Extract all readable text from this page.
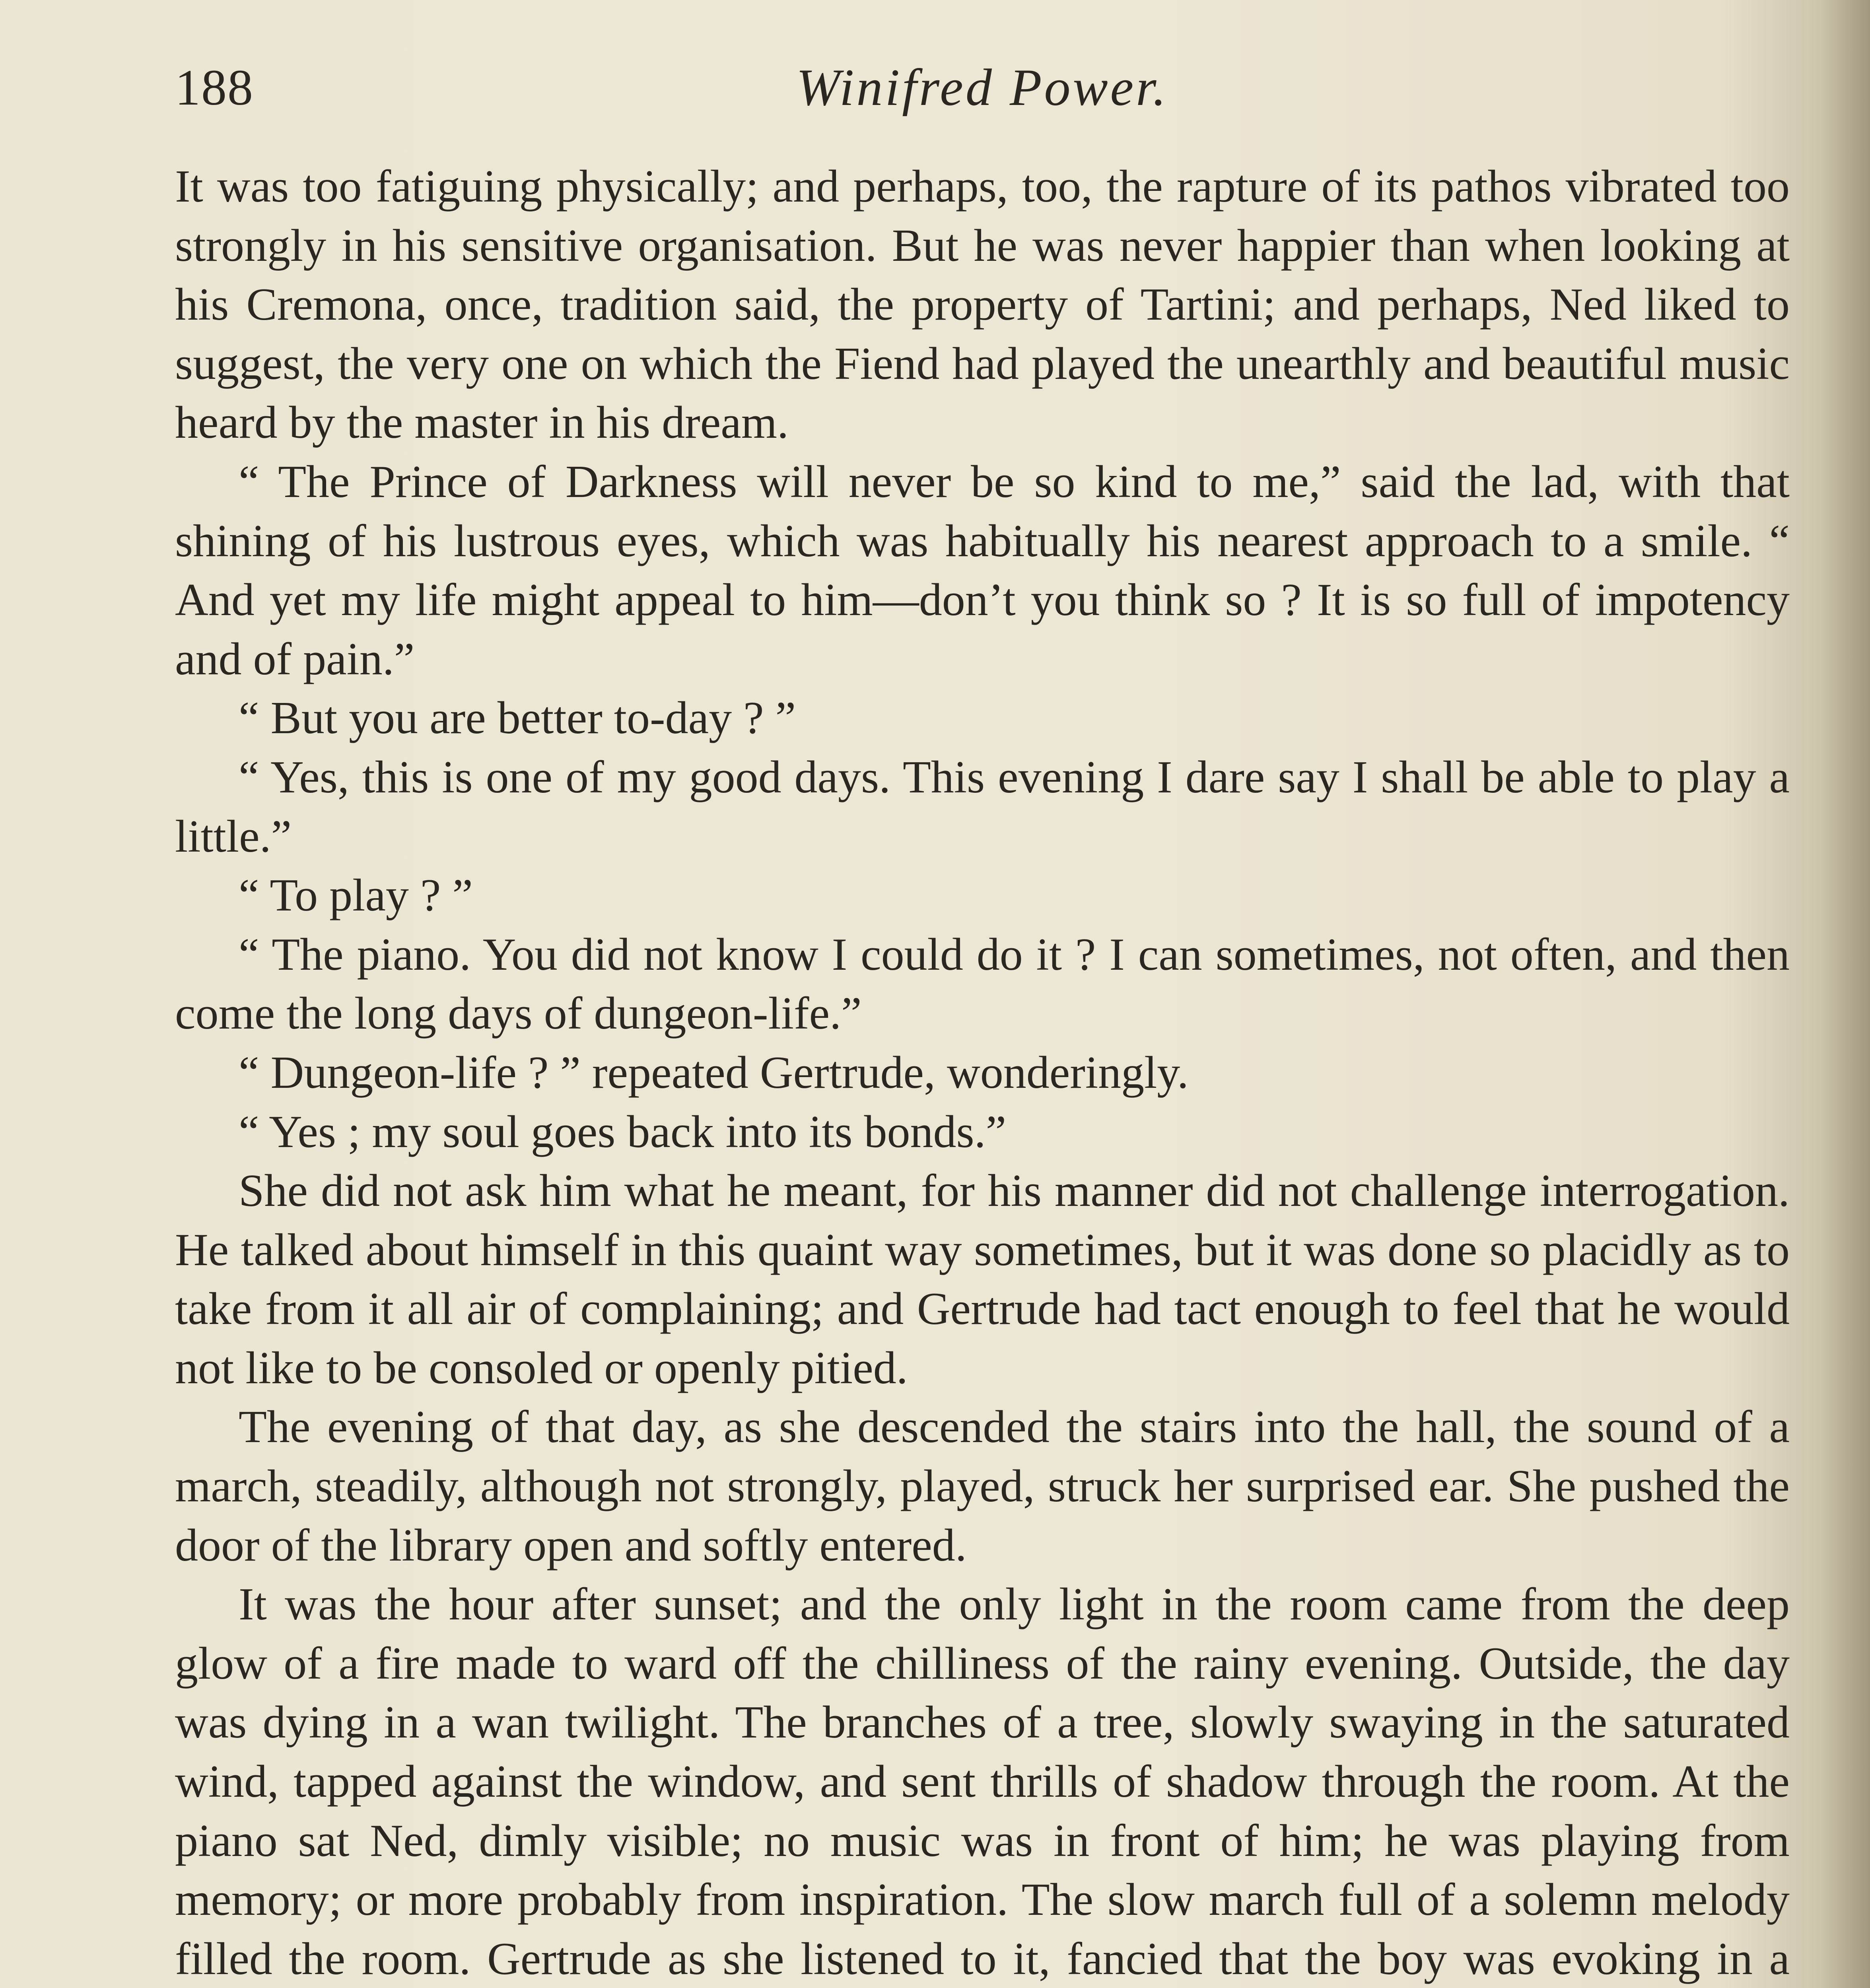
188	Winifred Power.

It was too fatiguing physically; and perhaps, too, the rapture of its pathos vibrated too strongly in his sensitive organisation. But he was never happier than when looking at his Cremona, once, tradition said, the property of Tartini; and perhaps, Ned liked to suggest, the very one on which the Fiend had played the unearthly and beautiful music heard by the master in his dream.

“ The Prince of Darkness will never be so kind to me,” said the lad, with that shining of his lustrous eyes, which was habitually his nearest approach to a smile. “ And yet my life might appeal to him—don’t you think so ? It is so full of impotency and of pain.”

“ But you are better to-day ? ”

“ Yes, this is one of my good days. This evening I dare say I shall be able to play a little.”

“ To play ? ”

“ The piano. You did not know I could do it ? I can sometimes, not often, and then come the long days of dungeon-life.”

“ Dungeon-life ? ” repeated Gertrude, wonderingly.

“ Yes ; my soul goes back into its bonds.”

She did not ask him what he meant, for his manner did not challenge interrogation. He talked about himself in this quaint way sometimes, but it was done so placidly as to take from it all air of complaining; and Gertrude had tact enough to feel that he would not like to be consoled or openly pitied.

The evening of that day, as she descended the stairs into the hall, the sound of a march, steadily, although not strongly, played, struck her surprised ear. She pushed the door of the library open and softly entered.

It was the hour after sunset; and the only light in the room came from the deep glow of a fire made to ward off the chilliness of the rainy evening. Outside, the day was dying in a wan twilight. The branches of a tree, slowly swaying in the saturated wind, tapped against the window, and sent thrills of shadow through the room. At the piano sat Ned, dimly visible; no music was in front of him; he was playing from memory; or more probably from inspiration. The slow march full of a solemn melody filled the room. Gertrude as she listened to it, fancied that the boy was evoking in a
